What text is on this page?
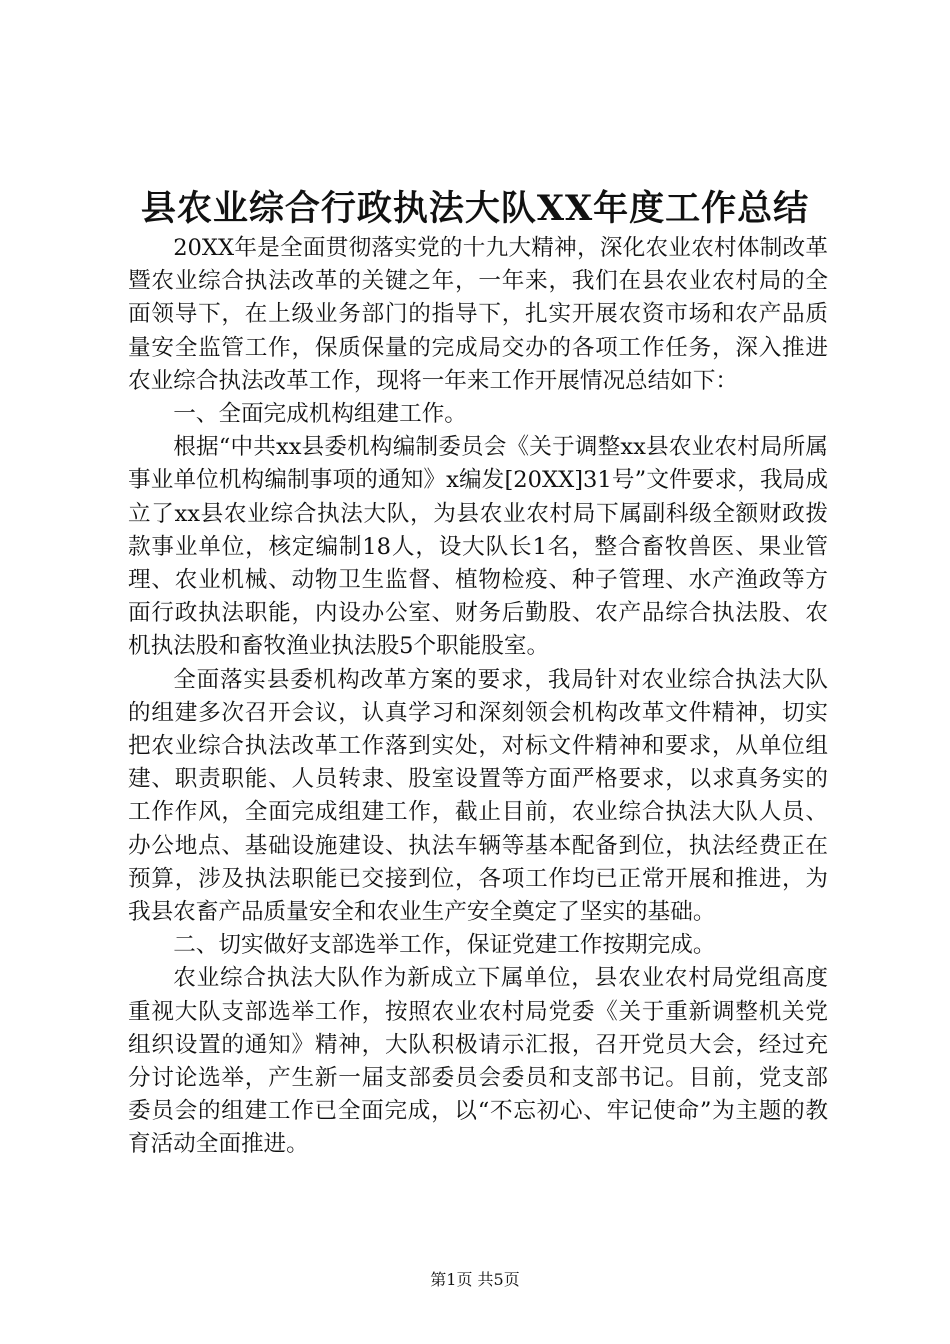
县农业综合行政执法大队XX年度工作总结

20XX年是全面贯彻落实党的十九大精神，深化农业农村体制改革暨农业综合执法改革的关键之年，一年来，我们在县农业农村局的全面领导下，在上级业务部门的指导下，扎实开展农资市场和农产品质量安全监管工作，保质保量的完成局交办的各项工作任务，深入推进农业综合执法改革工作，现将一年来工作开展情况总结如下：

一、全面完成机构组建工作。

根据“中共xx县委机构编制委员会《关于调整xx县农业农村局所属事业单位机构编制事项的通知》x编发[20XX]31号”文件要求，我局成立了xx县农业综合执法大队，为县农业农村局下属副科级全额财政拨款事业单位，核定编制18人，设大队长1名，整合畜牧兽医、果业管理、农业机械、动物卫生监督、植物检疫、种子管理、水产渔政等方面行政执法职能，内设办公室、财务后勤股、农产品综合执法股、农机执法股和畜牧渔业执法股5个职能股室。

全面落实县委机构改革方案的要求，我局针对农业综合执法大队的组建多次召开会议，认真学习和深刻领会机构改革文件精神，切实把农业综合执法改革工作落到实处，对标文件精神和要求，从单位组建、职责职能、人员转隶、股室设置等方面严格要求，以求真务实的工作作风，全面完成组建工作，截止目前，农业综合执法大队人员、办公地点、基础设施建设、执法车辆等基本配备到位，执法经费正在预算，涉及执法职能已交接到位，各项工作均已正常开展和推进，为我县农畜产品质量安全和农业生产安全奠定了坚实的基础。

二、切实做好支部选举工作，保证党建工作按期完成。

农业综合执法大队作为新成立下属单位，县农业农村局党组高度重视大队支部选举工作，按照农业农村局党委《关于重新调整机关党组织设置的通知》精神，大队积极请示汇报，召开党员大会，经过充分讨论选举，产生新一届支部委员会委员和支部书记。目前，党支部委员会的组建工作已全面完成，以“不忘初心、牢记使命”为主题的教育活动全面推进。

第1页 共5页
